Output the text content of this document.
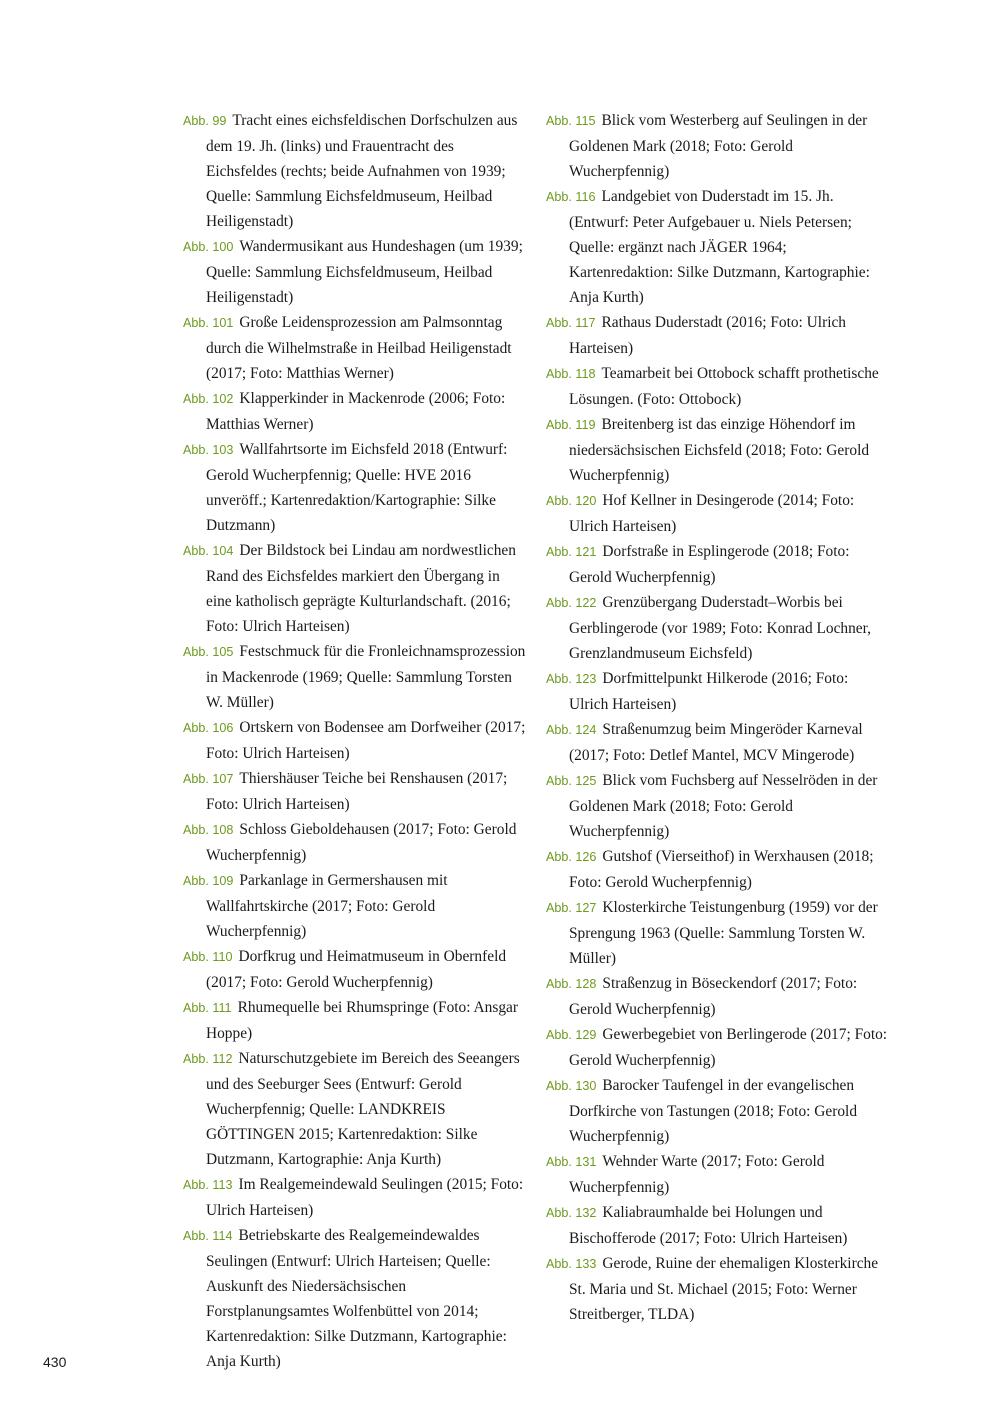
Abb. 99 Tracht eines eichsfeldischen Dorfschulzen aus dem 19. Jh. (links) und Frauentracht des Eichsfeldes (rechts; beide Aufnahmen von 1939; Quelle: Sammlung Eichsfeldmuseum, Heilbad Heiligenstadt)
Abb. 100 Wandermusikant aus Hundeshagen (um 1939; Quelle: Sammlung Eichsfeldmuseum, Heilbad Heiligenstadt)
Abb. 101 Große Leidensprozession am Palmsonntag durch die Wilhelmstraße in Heilbad Heiligenstadt (2017; Foto: Matthias Werner)
Abb. 102 Klapperkinder in Mackenrode (2006; Foto: Matthias Werner)
Abb. 103 Wallfahrtsorte im Eichsfeld 2018 (Entwurf: Gerold Wucherpfennig; Quelle: HVE 2016 unveröff.; Kartenredaktion/Kartographie: Silke Dutzmann)
Abb. 104 Der Bildstock bei Lindau am nordwestlichen Rand des Eichsfeldes markiert den Übergang in eine katholisch geprägte Kulturlandschaft. (2016; Foto: Ulrich Harteisen)
Abb. 105 Festschmuck für die Fronleichnamsprozession in Mackenrode (1969; Quelle: Sammlung Torsten W. Müller)
Abb. 106 Ortskern von Bodensee am Dorfweiher (2017; Foto: Ulrich Harteisen)
Abb. 107 Thiershäuser Teiche bei Renshausen (2017; Foto: Ulrich Harteisen)
Abb. 108 Schloss Gieboldehausen (2017; Foto: Gerold Wucherpfennig)
Abb. 109 Parkanlage in Germershausen mit Wallfahrtskirche (2017; Foto: Gerold Wucherpfennig)
Abb. 110 Dorfkrug und Heimatmuseum in Obernfeld (2017; Foto: Gerold Wucherpfennig)
Abb. 111 Rhumequelle bei Rhumspringe (Foto: Ansgar Hoppe)
Abb. 112 Naturschutzgebiete im Bereich des Seeangers und des Seeburger Sees (Entwurf: Gerold Wucherpfennig; Quelle: LANDKREIS GÖTTINGEN 2015; Kartenredaktion: Silke Dutzmann, Kartographie: Anja Kurth)
Abb. 113 Im Realgemeindewald Seulingen (2015; Foto: Ulrich Harteisen)
Abb. 114 Betriebskarte des Realgemeindewaldes Seulingen (Entwurf: Ulrich Harteisen; Quelle: Auskunft des Niedersächsischen Forstplanungsamtes Wolfenbüttel von 2014; Kartenredaktion: Silke Dutzmann, Kartographie: Anja Kurth)
Abb. 115 Blick vom Westerberg auf Seulingen in der Goldenen Mark (2018; Foto: Gerold Wucherpfennig)
Abb. 116 Landgebiet von Duderstadt im 15. Jh. (Entwurf: Peter Aufgebauer u. Niels Petersen; Quelle: ergänzt nach JÄGER 1964; Kartenredaktion: Silke Dutzmann, Kartographie: Anja Kurth)
Abb. 117 Rathaus Duderstadt (2016; Foto: Ulrich Harteisen)
Abb. 118 Teamarbeit bei Ottobock schafft prothetische Lösungen. (Foto: Ottobock)
Abb. 119 Breitenberg ist das einzige Höhendorf im niedersächsischen Eichsfeld (2018; Foto: Gerold Wucherpfennig)
Abb. 120 Hof Kellner in Desingerode (2014; Foto: Ulrich Harteisen)
Abb. 121 Dorfstraße in Esplingerode (2018; Foto: Gerold Wucherpfennig)
Abb. 122 Grenzübergang Duderstadt–Worbis bei Gerblingerode (vor 1989; Foto: Konrad Lochner, Grenzlandmuseum Eichsfeld)
Abb. 123 Dorfmittelpunkt Hilkerode (2016; Foto: Ulrich Harteisen)
Abb. 124 Straßenumzug beim Mingeröder Karneval (2017; Foto: Detlef Mantel, MCV Mingerode)
Abb. 125 Blick vom Fuchsberg auf Nesselröden in der Goldenen Mark (2018; Foto: Gerold Wucherpfennig)
Abb. 126 Gutshof (Vierseithof) in Werxhausen (2018; Foto: Gerold Wucherpfennig)
Abb. 127 Klosterkirche Teistungenburg (1959) vor der Sprengung 1963 (Quelle: Sammlung Torsten W. Müller)
Abb. 128 Straßenzug in Böseckendorf (2017; Foto: Gerold Wucherpfennig)
Abb. 129 Gewerbegebiet von Berlingerode (2017; Foto: Gerold Wucherpfennig)
Abb. 130 Barocker Taufengel in der evangelischen Dorfkirche von Tastungen (2018; Foto: Gerold Wucherpfennig)
Abb. 131 Wehnder Warte (2017; Foto: Gerold Wucherpfennig)
Abb. 132 Kaliabraumhalde bei Holungen und Bischofferode (2017; Foto: Ulrich Harteisen)
Abb. 133 Gerode, Ruine der ehemaligen Klosterkirche St. Maria und St. Michael (2015; Foto: Werner Streitberger, TLDA)
430
